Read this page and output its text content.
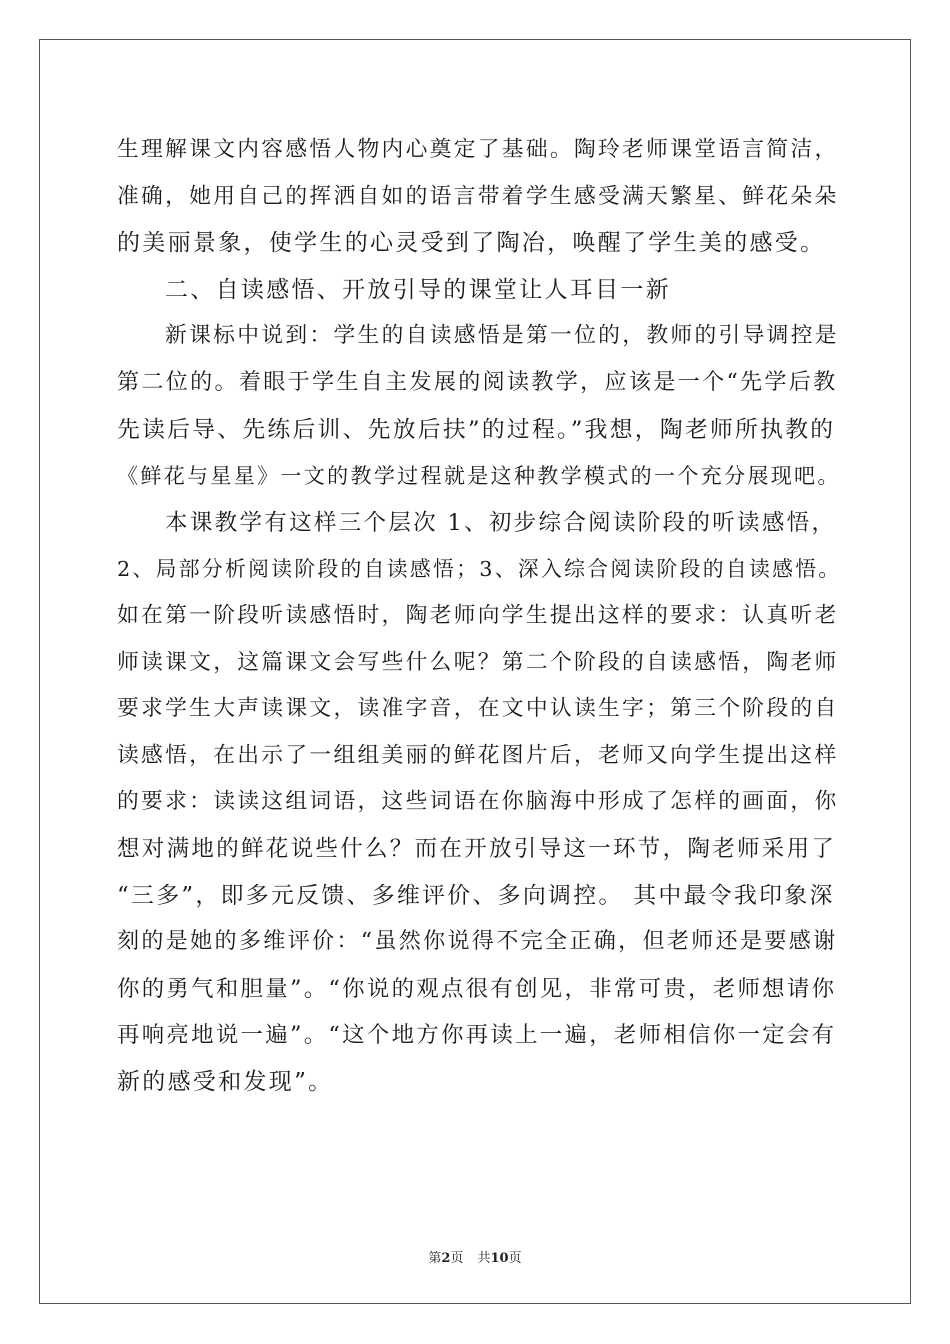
生理解课文内容感悟人物内心奠定了基础。陶玲老师课堂语言简洁，
准确，她用自己的挥洒自如的语言带着学生感受满天繁星、鲜花朵朵
的美丽景象，使学生的心灵受到了陶冶，唤醒了学生美的感受。
二、自读感悟、开放引导的课堂让人耳目一新
新课标中说到：学生的自读感悟是第一位的，教师的引导调控是
第二位的。着眼于学生自主发展的阅读教学，应该是一个“先学后教
先读后导、先练后训、先放后扶”的过程。”我想，陶老师所执教的
《鲜花与星星》一文的教学过程就是这种教学模式的一个充分展现吧。
本课教学有这样三个层次 1、初步综合阅读阶段的听读感悟，
2、局部分析阅读阶段的自读感悟；3、深入综合阅读阶段的自读感悟。
如在第一阶段听读感悟时，陶老师向学生提出这样的要求：认真听老
师读课文，这篇课文会写些什么呢？第二个阶段的自读感悟，陶老师
要求学生大声读课文，读准字音，在文中认读生字；第三个阶段的自
读感悟，在出示了一组组美丽的鲜花图片后，老师又向学生提出这样
的要求：读读这组词语，这些词语在你脑海中形成了怎样的画面，你
想对满地的鲜花说些什么？而在开放引导这一环节，陶老师采用了
“三多”，即多元反馈、多维评价、多向调控。 其中最令我印象深
刻的是她的多维评价：“虽然你说得不完全正确，但老师还是要感谢
你的勇气和胆量”。“你说的观点很有创见，非常可贵，老师想请你
再响亮地说一遍”。“这个地方你再读上一遍，老师相信你一定会有
新的感受和发现”。
第2页 共10页
